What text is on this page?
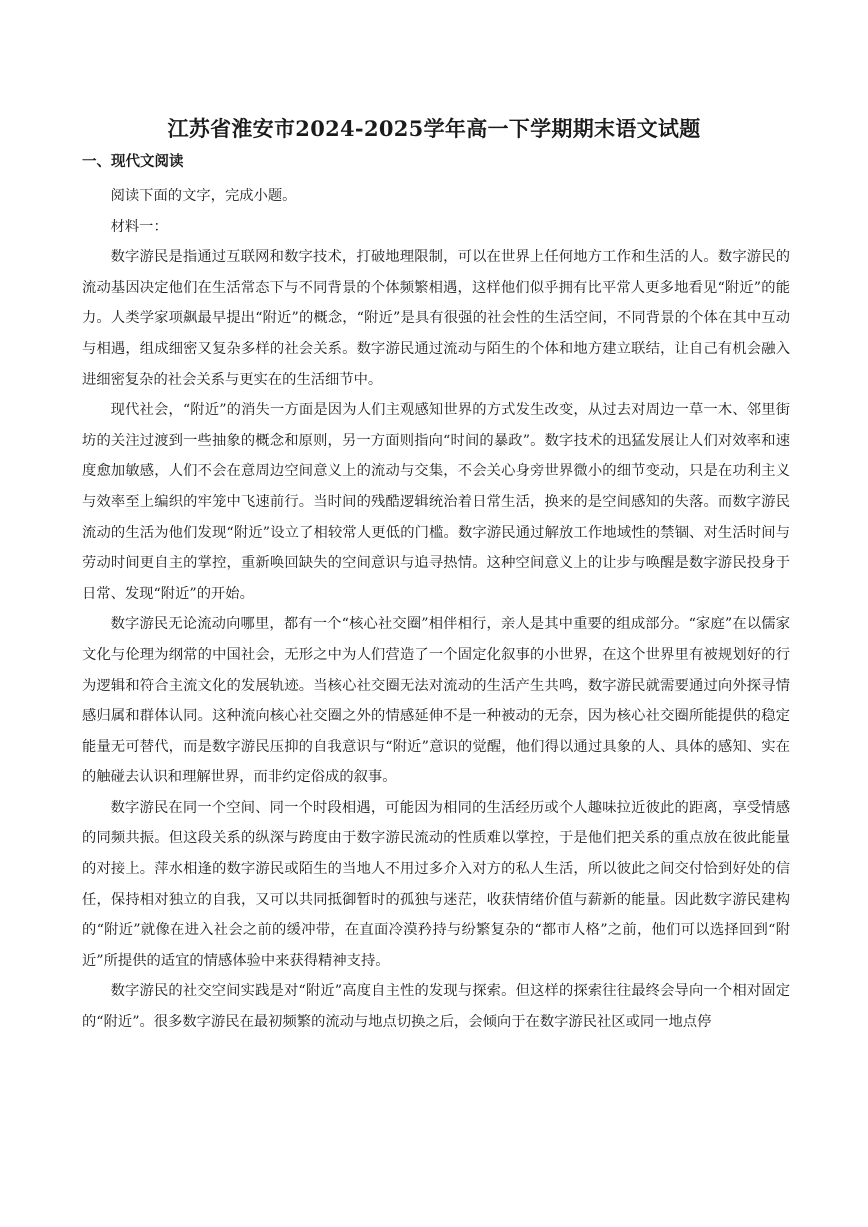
江苏省淮安市2024-2025学年高一下学期期末语文试题
一、现代文阅读

阅读下面的文字，完成小题。

材料一：

数字游民是指通过互联网和数字技术，打破地理限制，可以在世界上任何地方工作和生活的人。数字游民的流动基因决定他们在生活常态下与不同背景的个体频繁相遇，这样他们似乎拥有比平常人更多地看见“附近”的能力。人类学家项飙最早提出“附近”的概念，“附近”是具有很强的社会性的生活空间，不同背景的个体在其中互动与相遇，组成细密又复杂多样的社会关系。数字游民通过流动与陌生的个体和地方建立联结，让自己有机会融入进细密复杂的社会关系与更实在的生活细节中。

现代社会，“附近”的消失一方面是因为人们主观感知世界的方式发生改变，从过去对周边一草一木、邻里街坊的关注过渡到一些抽象的概念和原则，另一方面则指向“时间的暴政”。数字技术的迅猛发展让人们对效率和速度愈加敏感，人们不会在意周边空间意义上的流动与交集，不会关心身旁世界微小的细节变动，只是在功利主义与效率至上编织的牢笼中飞速前行。当时间的残酷逻辑统治着日常生活，换来的是空间感知的失落。而数字游民流动的生活为他们发现“附近”设立了相较常人更低的门槛。数字游民通过解放工作地域性的禁锢、对生活时间与劳动时间更自主的掌控，重新唤回缺失的空间意识与追寻热情。这种空间意义上的让步与唤醒是数字游民投身于日常、发现“附近”的开始。

数字游民无论流动向哪里，都有一个“核心社交圈”相伴相行，亲人是其中重要的组成部分。“家庭”在以儒家文化与伦理为纲常的中国社会，无形之中为人们营造了一个固定化叙事的小世界，在这个世界里有被规划好的行为逻辑和符合主流文化的发展轨迹。当核心社交圈无法对流动的生活产生共鸣，数字游民就需要通过向外探寻情感归属和群体认同。这种流向核心社交圈之外的情感延伸不是一种被动的无奈，因为核心社交圈所能提供的稳定能量无可替代，而是数字游民压抑的自我意识与“附近”意识的觉醒，他们得以通过具象的人、具体的感知、实在的触碰去认识和理解世界，而非约定俗成的叙事。

数字游民在同一个空间、同一个时段相遇，可能因为相同的生活经历或个人趣味拉近彼此的距离，享受情感的同频共振。但这段关系的纵深与跨度由于数字游民流动的性质难以掌控，于是他们把关系的重点放在彼此能量的对接上。萍水相逢的数字游民或陌生的当地人不用过多介入对方的私人生活，所以彼此之间交付恰到好处的信任，保持相对独立的自我，又可以共同抵御暂时的孤独与迷茫，收获情绪价值与薪新的能量。因此数字游民建构的“附近”就像在进入社会之前的缓冲带，在直面冷漠矜持与纷繁复杂的“都市人格”之前，他们可以选择回到“附近”所提供的适宜的情感体验中来获得精神支持。

数字游民的社交空间实践是对“附近”高度自主性的发现与探索。但这样的探索往往最终会导向一个相对固定的“附近”。很多数字游民在最初频繁的流动与地点切换之后，会倾向于在数字游民社区或同一地点停
